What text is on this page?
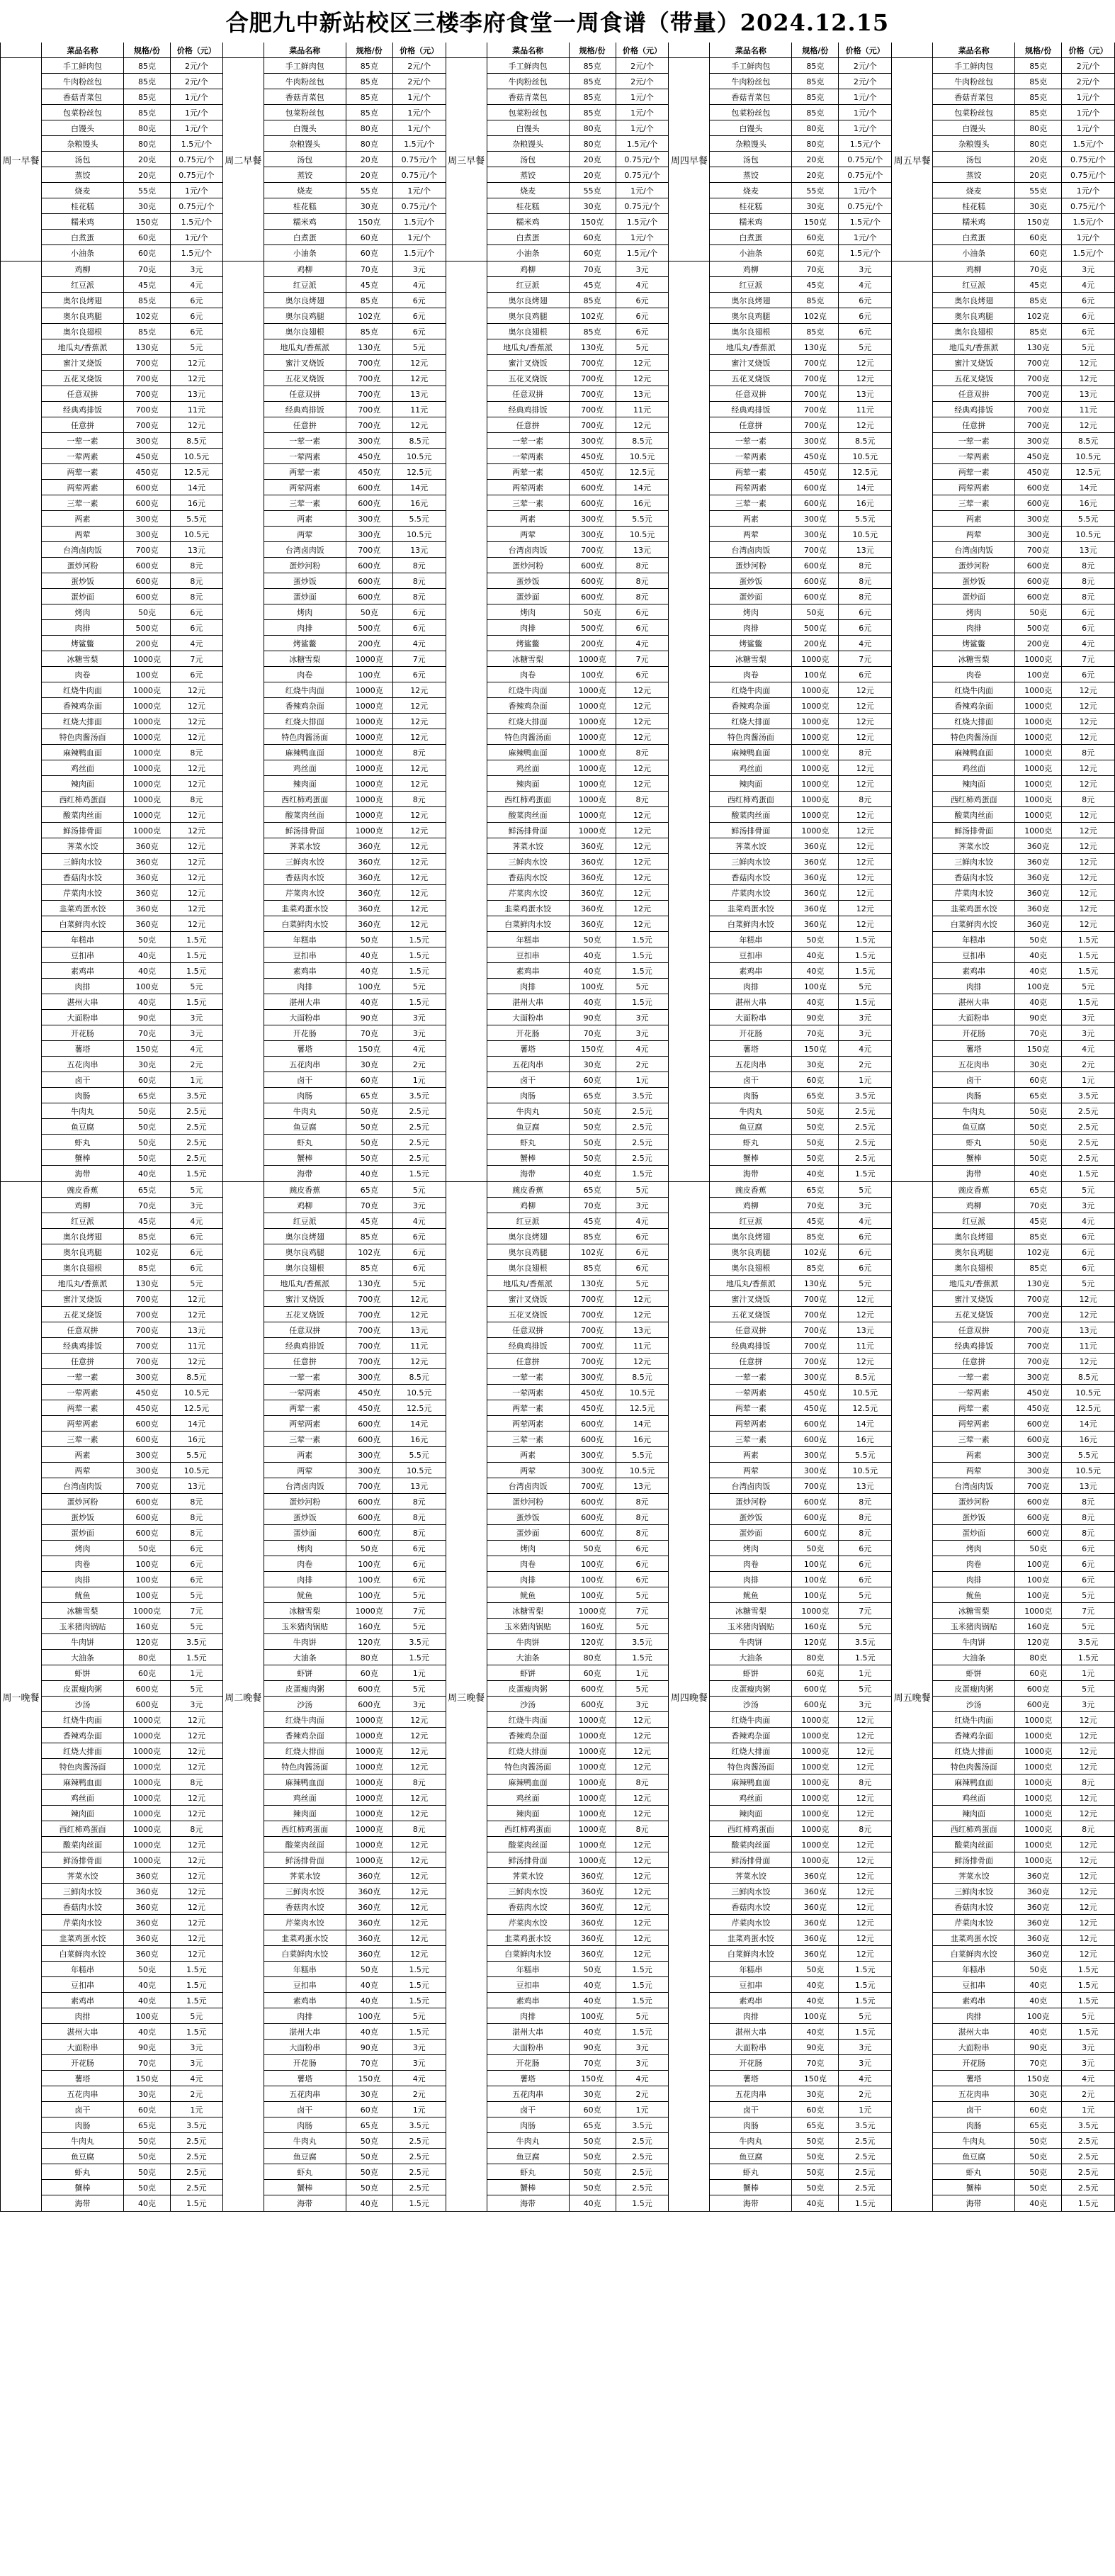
合肥九中新站校区三楼李府食堂一周食谱（带量）2024.12.15
菜品名称	规格/份	价格（元）
周一早餐
手工鲜肉包	85克	2元/个
牛肉粉丝包	85克	2元/个
香菇青菜包	85克	1元/个
包菜粉丝包	85克	1元/个
白馒头	80克	1元/个
杂粮馒头	80克	1.5元/个
汤包	20克	0.75元/个
蒸饺	20克	0.75元/个
烧麦	55克	1元/个
桂花糕	30克	0.75元/个
糯米鸡	150克	1.5元/个
白煮蛋	60克	1元/个
小油条	60克	1.5元/个
鸡柳	70克	3元
红豆派	45克	4元
奥尔良烤翅	85克	6元
奥尔良鸡腿	102克	6元
奥尔良翅根	85克	6元
地瓜丸/香蕉派	130克	5元
蜜汁叉烧饭	700克	12元
五花叉烧饭	700克	12元
任意双拼	700克	13元
经典鸡排饭	700克	11元
任意拼	700克	12元
一荤一素	300克	8.5元
一荤两素	450克	10.5元
两荤一素	450克	12.5元
两荤两素	600克	14元
三荤一素	600克	16元
两素	300克	5.5元
两荤	300克	10.5元
台湾卤肉饭	700克	13元
蛋炒河粉	600克	8元
蛋炒饭	600克	8元
蛋炒面	600克	8元
烤肉	50克	6元
肉排	500克	6元
烤鲨鳖	200克	4元
冰糖雪梨	1000克	7元
肉卷	100克	6元
红烧牛肉面	1000克	12元
香辣鸡杂面	1000克	12元
红烧大排面	1000克	12元
特色肉酱汤面	1000克	12元
麻辣鸭血面	1000克	8元
鸡丝面	1000克	12元
辣肉面	1000克	12元
西红柿鸡蛋面	1000克	8元
酸菜肉丝面	1000克	12元
鲜汤排骨面	1000克	12元
荠菜水饺	360克	12元
三鲜肉水饺	360克	12元
香菇肉水饺	360克	12元
芹菜肉水饺	360克	12元
韭菜鸡蛋水饺	360克	12元
白菜鲜肉水饺	360克	12元
年糕串	50克	1.5元
豆扣串	40克	1.5元
素鸡串	40克	1.5元
肉排	100克	5元
湛州大串	40克	1.5元
大面粉串	90克	3元
开花肠	70克	3元
薯塔	150克	4元
五花肉串	30克	2元
卤干	60克	1元
肉肠	65克	3.5元
牛肉丸	50克	2.5元
鱼豆腐	50克	2.5元
虾丸	50克	2.5元
蟹棒	50克	2.5元
海带	40克	1.5元
周一晚餐
豌皮香蕉	65克	5元
鸡柳	70克	3元
红豆派	45克	4元
奥尔良烤翅	85克	6元
奥尔良鸡腿	102克	6元
奥尔良翅根	85克	6元
地瓜丸/香蕉派	130克	5元
蜜汁叉烧饭	700克	12元
五花叉烧饭	700克	12元
任意双拼	700克	13元
经典鸡排饭	700克	11元
任意拼	700克	12元
一荤一素	300克	8.5元
一荤两素	450克	10.5元
两荤一素	450克	12.5元
两荤两素	600克	14元
三荤一素	600克	16元
两素	300克	5.5元
两荤	300克	10.5元
台湾卤肉饭	700克	13元
蛋炒河粉	600克	8元
蛋炒饭	600克	8元
蛋炒面	600克	8元
烤肉	50克	6元
肉卷	100克	6元
肉排	100克	6元
鱿鱼	100克	5元
冰糖雪梨	1000克	7元
玉米猪肉锅贴	160克	5元
牛肉饼	120克	3.5元
大油条	80克	1.5元
虾饼	60克	1元
皮蛋瘦肉粥	600克	5元
沙汤	600克	3元
红烧牛肉面	1000克	12元
香辣鸡杂面	1000克	12元
红烧大排面	1000克	12元
特色肉酱汤面	1000克	12元
麻辣鸭血面	1000克	8元
鸡丝面	1000克	12元
辣肉面	1000克	12元
西红柿鸡蛋面	1000克	8元
酸菜肉丝面	1000克	12元
鲜汤排骨面	1000克	12元
荠菜水饺	360克	12元
三鲜肉水饺	360克	12元
香菇肉水饺	360克	12元
芹菜肉水饺	360克	12元
韭菜鸡蛋水饺	360克	12元
白菜鲜肉水饺	360克	12元
年糕串	50克	1.5元
豆扣串	40克	1.5元
素鸡串	40克	1.5元
肉排	100克	5元
湛州大串	40克	1.5元
大面粉串	90克	3元
开花肠	70克	3元
薯塔	150克	4元
五花肉串	30克	2元
卤干	60克	1元
肉肠	65克	3.5元
牛肉丸	50克	2.5元
鱼豆腐	50克	2.5元
虾丸	50克	2.5元
蟹棒	50克	2.5元
海带	40克	1.5元
菜品名称	规格/份	价格（元）
周二早餐
手工鲜肉包	85克	2元/个
牛肉粉丝包	85克	2元/个
香菇青菜包	85克	1元/个
包菜粉丝包	85克	1元/个
白馒头	80克	1元/个
杂粮馒头	80克	1.5元/个
汤包	20克	0.75元/个
蒸饺	20克	0.75元/个
烧麦	55克	1元/个
桂花糕	30克	0.75元/个
糯米鸡	150克	1.5元/个
白煮蛋	60克	1元/个
小油条	60克	1.5元/个
鸡柳	70克	3元
红豆派	45克	4元
奥尔良烤翅	85克	6元
奥尔良鸡腿	102克	6元
奥尔良翅根	85克	6元
地瓜丸/香蕉派	130克	5元
蜜汁叉烧饭	700克	12元
五花叉烧饭	700克	12元
任意双拼	700克	13元
经典鸡排饭	700克	11元
任意拼	700克	12元
一荤一素	300克	8.5元
一荤两素	450克	10.5元
两荤一素	450克	12.5元
两荤两素	600克	14元
三荤一素	600克	16元
两素	300克	5.5元
两荤	300克	10.5元
台湾卤肉饭	700克	13元
蛋炒河粉	600克	8元
蛋炒饭	600克	8元
蛋炒面	600克	8元
烤肉	50克	6元
肉排	500克	6元
烤鲨鳖	200克	4元
冰糖雪梨	1000克	7元
肉卷	100克	6元
红烧牛肉面	1000克	12元
香辣鸡杂面	1000克	12元
红烧大排面	1000克	12元
特色肉酱汤面	1000克	12元
麻辣鸭血面	1000克	8元
鸡丝面	1000克	12元
辣肉面	1000克	12元
西红柿鸡蛋面	1000克	8元
酸菜肉丝面	1000克	12元
鲜汤排骨面	1000克	12元
荠菜水饺	360克	12元
三鲜肉水饺	360克	12元
香菇肉水饺	360克	12元
芹菜肉水饺	360克	12元
韭菜鸡蛋水饺	360克	12元
白菜鲜肉水饺	360克	12元
年糕串	50克	1.5元
豆扣串	40克	1.5元
素鸡串	40克	1.5元
肉排	100克	5元
湛州大串	40克	1.5元
大面粉串	90克	3元
开花肠	70克	3元
薯塔	150克	4元
五花肉串	30克	2元
卤干	60克	1元
肉肠	65克	3.5元
牛肉丸	50克	2.5元
鱼豆腐	50克	2.5元
虾丸	50克	2.5元
蟹棒	50克	2.5元
海带	40克	1.5元
周二晚餐
豌皮香蕉	65克	5元
鸡柳	70克	3元
红豆派	45克	4元
奥尔良烤翅	85克	6元
奥尔良鸡腿	102克	6元
奥尔良翅根	85克	6元
地瓜丸/香蕉派	130克	5元
蜜汁叉烧饭	700克	12元
五花叉烧饭	700克	12元
任意双拼	700克	13元
经典鸡排饭	700克	11元
任意拼	700克	12元
一荤一素	300克	8.5元
一荤两素	450克	10.5元
两荤一素	450克	12.5元
两荤两素	600克	14元
三荤一素	600克	16元
两素	300克	5.5元
两荤	300克	10.5元
台湾卤肉饭	700克	13元
蛋炒河粉	600克	8元
蛋炒饭	600克	8元
蛋炒面	600克	8元
烤肉	50克	6元
肉卷	100克	6元
肉排	100克	6元
鱿鱼	100克	5元
冰糖雪梨	1000克	7元
玉米猪肉锅贴	160克	5元
牛肉饼	120克	3.5元
大油条	80克	1.5元
虾饼	60克	1元
皮蛋瘦肉粥	600克	5元
沙汤	600克	3元
红烧牛肉面	1000克	12元
香辣鸡杂面	1000克	12元
红烧大排面	1000克	12元
特色肉酱汤面	1000克	12元
麻辣鸭血面	1000克	8元
鸡丝面	1000克	12元
辣肉面	1000克	12元
西红柿鸡蛋面	1000克	8元
酸菜肉丝面	1000克	12元
鲜汤排骨面	1000克	12元
荠菜水饺	360克	12元
三鲜肉水饺	360克	12元
香菇肉水饺	360克	12元
芹菜肉水饺	360克	12元
韭菜鸡蛋水饺	360克	12元
白菜鲜肉水饺	360克	12元
年糕串	50克	1.5元
豆扣串	40克	1.5元
素鸡串	40克	1.5元
肉排	100克	5元
湛州大串	40克	1.5元
大面粉串	90克	3元
开花肠	70克	3元
薯塔	150克	4元
五花肉串	30克	2元
卤干	60克	1元
肉肠	65克	3.5元
牛肉丸	50克	2.5元
鱼豆腐	50克	2.5元
虾丸	50克	2.5元
蟹棒	50克	2.5元
海带	40克	1.5元
菜品名称	规格/份	价格（元）
周三早餐
手工鲜肉包	85克	2元/个
牛肉粉丝包	85克	2元/个
香菇青菜包	85克	1元/个
包菜粉丝包	85克	1元/个
白馒头	80克	1元/个
杂粮馒头	80克	1.5元/个
汤包	20克	0.75元/个
蒸饺	20克	0.75元/个
烧麦	55克	1元/个
桂花糕	30克	0.75元/个
糯米鸡	150克	1.5元/个
白煮蛋	60克	1元/个
小油条	60克	1.5元/个
鸡柳	70克	3元
红豆派	45克	4元
奥尔良烤翅	85克	6元
奥尔良鸡腿	102克	6元
奥尔良翅根	85克	6元
地瓜丸/香蕉派	130克	5元
蜜汁叉烧饭	700克	12元
五花叉烧饭	700克	12元
任意双拼	700克	13元
经典鸡排饭	700克	11元
任意拼	700克	12元
一荤一素	300克	8.5元
一荤两素	450克	10.5元
两荤一素	450克	12.5元
两荤两素	600克	14元
三荤一素	600克	16元
两素	300克	5.5元
两荤	300克	10.5元
台湾卤肉饭	700克	13元
蛋炒河粉	600克	8元
蛋炒饭	600克	8元
蛋炒面	600克	8元
烤肉	50克	6元
肉排	500克	6元
烤鲨鳖	200克	4元
冰糖雪梨	1000克	7元
肉卷	100克	6元
红烧牛肉面	1000克	12元
香辣鸡杂面	1000克	12元
红烧大排面	1000克	12元
特色肉酱汤面	1000克	12元
麻辣鸭血面	1000克	8元
鸡丝面	1000克	12元
辣肉面	1000克	12元
西红柿鸡蛋面	1000克	8元
酸菜肉丝面	1000克	12元
鲜汤排骨面	1000克	12元
荠菜水饺	360克	12元
三鲜肉水饺	360克	12元
香菇肉水饺	360克	12元
芹菜肉水饺	360克	12元
韭菜鸡蛋水饺	360克	12元
白菜鲜肉水饺	360克	12元
年糕串	50克	1.5元
豆扣串	40克	1.5元
素鸡串	40克	1.5元
肉排	100克	5元
湛州大串	40克	1.5元
大面粉串	90克	3元
开花肠	70克	3元
薯塔	150克	4元
五花肉串	30克	2元
卤干	60克	1元
肉肠	65克	3.5元
牛肉丸	50克	2.5元
鱼豆腐	50克	2.5元
虾丸	50克	2.5元
蟹棒	50克	2.5元
海带	40克	1.5元
周三晚餐
豌皮香蕉	65克	5元
鸡柳	70克	3元
红豆派	45克	4元
奥尔良烤翅	85克	6元
奥尔良鸡腿	102克	6元
奥尔良翅根	85克	6元
地瓜丸/香蕉派	130克	5元
蜜汁叉烧饭	700克	12元
五花叉烧饭	700克	12元
任意双拼	700克	13元
经典鸡排饭	700克	11元
任意拼	700克	12元
一荤一素	300克	8.5元
一荤两素	450克	10.5元
两荤一素	450克	12.5元
两荤两素	600克	14元
三荤一素	600克	16元
两素	300克	5.5元
两荤	300克	10.5元
台湾卤肉饭	700克	13元
蛋炒河粉	600克	8元
蛋炒饭	600克	8元
蛋炒面	600克	8元
烤肉	50克	6元
肉卷	100克	6元
肉排	100克	6元
鱿鱼	100克	5元
冰糖雪梨	1000克	7元
玉米猪肉锅贴	160克	5元
牛肉饼	120克	3.5元
大油条	80克	1.5元
虾饼	60克	1元
皮蛋瘦肉粥	600克	5元
沙汤	600克	3元
红烧牛肉面	1000克	12元
香辣鸡杂面	1000克	12元
红烧大排面	1000克	12元
特色肉酱汤面	1000克	12元
麻辣鸭血面	1000克	8元
鸡丝面	1000克	12元
辣肉面	1000克	12元
西红柿鸡蛋面	1000克	8元
酸菜肉丝面	1000克	12元
鲜汤排骨面	1000克	12元
荠菜水饺	360克	12元
三鲜肉水饺	360克	12元
香菇肉水饺	360克	12元
芹菜肉水饺	360克	12元
韭菜鸡蛋水饺	360克	12元
白菜鲜肉水饺	360克	12元
年糕串	50克	1.5元
豆扣串	40克	1.5元
素鸡串	40克	1.5元
肉排	100克	5元
湛州大串	40克	1.5元
大面粉串	90克	3元
开花肠	70克	3元
薯塔	150克	4元
五花肉串	30克	2元
卤干	60克	1元
肉肠	65克	3.5元
牛肉丸	50克	2.5元
鱼豆腐	50克	2.5元
虾丸	50克	2.5元
蟹棒	50克	2.5元
海带	40克	1.5元
菜品名称	规格/份	价格（元）
周四早餐
手工鲜肉包	85克	2元/个
牛肉粉丝包	85克	2元/个
香菇青菜包	85克	1元/个
包菜粉丝包	85克	1元/个
白馒头	80克	1元/个
杂粮馒头	80克	1.5元/个
汤包	20克	0.75元/个
蒸饺	20克	0.75元/个
烧麦	55克	1元/个
桂花糕	30克	0.75元/个
糯米鸡	150克	1.5元/个
白煮蛋	60克	1元/个
小油条	60克	1.5元/个
鸡柳	70克	3元
红豆派	45克	4元
奥尔良烤翅	85克	6元
奥尔良鸡腿	102克	6元
奥尔良翅根	85克	6元
地瓜丸/香蕉派	130克	5元
蜜汁叉烧饭	700克	12元
五花叉烧饭	700克	12元
任意双拼	700克	13元
经典鸡排饭	700克	11元
任意拼	700克	12元
一荤一素	300克	8.5元
一荤两素	450克	10.5元
两荤一素	450克	12.5元
两荤两素	600克	14元
三荤一素	600克	16元
两素	300克	5.5元
两荤	300克	10.5元
台湾卤肉饭	700克	13元
蛋炒河粉	600克	8元
蛋炒饭	600克	8元
蛋炒面	600克	8元
烤肉	50克	6元
肉排	500克	6元
烤鲨鳖	200克	4元
冰糖雪梨	1000克	7元
肉卷	100克	6元
红烧牛肉面	1000克	12元
香辣鸡杂面	1000克	12元
红烧大排面	1000克	12元
特色肉酱汤面	1000克	12元
麻辣鸭血面	1000克	8元
鸡丝面	1000克	12元
辣肉面	1000克	12元
西红柿鸡蛋面	1000克	8元
酸菜肉丝面	1000克	12元
鲜汤排骨面	1000克	12元
荠菜水饺	360克	12元
三鲜肉水饺	360克	12元
香菇肉水饺	360克	12元
芹菜肉水饺	360克	12元
韭菜鸡蛋水饺	360克	12元
白菜鲜肉水饺	360克	12元
年糕串	50克	1.5元
豆扣串	40克	1.5元
素鸡串	40克	1.5元
肉排	100克	5元
湛州大串	40克	1.5元
大面粉串	90克	3元
开花肠	70克	3元
薯塔	150克	4元
五花肉串	30克	2元
卤干	60克	1元
肉肠	65克	3.5元
牛肉丸	50克	2.5元
鱼豆腐	50克	2.5元
虾丸	50克	2.5元
蟹棒	50克	2.5元
海带	40克	1.5元
周四晚餐
豌皮香蕉	65克	5元
鸡柳	70克	3元
红豆派	45克	4元
奥尔良烤翅	85克	6元
奥尔良鸡腿	102克	6元
奥尔良翅根	85克	6元
地瓜丸/香蕉派	130克	5元
蜜汁叉烧饭	700克	12元
五花叉烧饭	700克	12元
任意双拼	700克	13元
经典鸡排饭	700克	11元
任意拼	700克	12元
一荤一素	300克	8.5元
一荤两素	450克	10.5元
两荤一素	450克	12.5元
两荤两素	600克	14元
三荤一素	600克	16元
两素	300克	5.5元
两荤	300克	10.5元
台湾卤肉饭	700克	13元
蛋炒河粉	600克	8元
蛋炒饭	600克	8元
蛋炒面	600克	8元
烤肉	50克	6元
肉卷	100克	6元
肉排	100克	6元
鱿鱼	100克	5元
冰糖雪梨	1000克	7元
玉米猪肉锅贴	160克	5元
牛肉饼	120克	3.5元
大油条	80克	1.5元
虾饼	60克	1元
皮蛋瘦肉粥	600克	5元
沙汤	600克	3元
红烧牛肉面	1000克	12元
香辣鸡杂面	1000克	12元
红烧大排面	1000克	12元
特色肉酱汤面	1000克	12元
麻辣鸭血面	1000克	8元
鸡丝面	1000克	12元
辣肉面	1000克	12元
西红柿鸡蛋面	1000克	8元
酸菜肉丝面	1000克	12元
鲜汤排骨面	1000克	12元
荠菜水饺	360克	12元
三鲜肉水饺	360克	12元
香菇肉水饺	360克	12元
芹菜肉水饺	360克	12元
韭菜鸡蛋水饺	360克	12元
白菜鲜肉水饺	360克	12元
年糕串	50克	1.5元
豆扣串	40克	1.5元
素鸡串	40克	1.5元
肉排	100克	5元
湛州大串	40克	1.5元
大面粉串	90克	3元
开花肠	70克	3元
薯塔	150克	4元
五花肉串	30克	2元
卤干	60克	1元
肉肠	65克	3.5元
牛肉丸	50克	2.5元
鱼豆腐	50克	2.5元
虾丸	50克	2.5元
蟹棒	50克	2.5元
海带	40克	1.5元
菜品名称	规格/份	价格（元）
周五早餐
手工鲜肉包	85克	2元/个
牛肉粉丝包	85克	2元/个
香菇青菜包	85克	1元/个
包菜粉丝包	85克	1元/个
白馒头	80克	1元/个
杂粮馒头	80克	1.5元/个
汤包	20克	0.75元/个
蒸饺	20克	0.75元/个
烧麦	55克	1元/个
桂花糕	30克	0.75元/个
糯米鸡	150克	1.5元/个
白煮蛋	60克	1元/个
小油条	60克	1.5元/个
鸡柳	70克	3元
红豆派	45克	4元
奥尔良烤翅	85克	6元
奥尔良鸡腿	102克	6元
奥尔良翅根	85克	6元
地瓜丸/香蕉派	130克	5元
蜜汁叉烧饭	700克	12元
五花叉烧饭	700克	12元
任意双拼	700克	13元
经典鸡排饭	700克	11元
任意拼	700克	12元
一荤一素	300克	8.5元
一荤两素	450克	10.5元
两荤一素	450克	12.5元
两荤两素	600克	14元
三荤一素	600克	16元
两素	300克	5.5元
两荤	300克	10.5元
台湾卤肉饭	700克	13元
蛋炒河粉	600克	8元
蛋炒饭	600克	8元
蛋炒面	600克	8元
烤肉	50克	6元
肉排	500克	6元
烤鲨鳖	200克	4元
冰糖雪梨	1000克	7元
肉卷	100克	6元
红烧牛肉面	1000克	12元
香辣鸡杂面	1000克	12元
红烧大排面	1000克	12元
特色肉酱汤面	1000克	12元
麻辣鸭血面	1000克	8元
鸡丝面	1000克	12元
辣肉面	1000克	12元
西红柿鸡蛋面	1000克	8元
酸菜肉丝面	1000克	12元
鲜汤排骨面	1000克	12元
荠菜水饺	360克	12元
三鲜肉水饺	360克	12元
香菇肉水饺	360克	12元
芹菜肉水饺	360克	12元
韭菜鸡蛋水饺	360克	12元
白菜鲜肉水饺	360克	12元
年糕串	50克	1.5元
豆扣串	40克	1.5元
素鸡串	40克	1.5元
肉排	100克	5元
湛州大串	40克	1.5元
大面粉串	90克	3元
开花肠	70克	3元
薯塔	150克	4元
五花肉串	30克	2元
卤干	60克	1元
肉肠	65克	3.5元
牛肉丸	50克	2.5元
鱼豆腐	50克	2.5元
虾丸	50克	2.5元
蟹棒	50克	2.5元
海带	40克	1.5元
周五晚餐
豌皮香蕉	65克	5元
鸡柳	70克	3元
红豆派	45克	4元
奥尔良烤翅	85克	6元
奥尔良鸡腿	102克	6元
奥尔良翅根	85克	6元
地瓜丸/香蕉派	130克	5元
蜜汁叉烧饭	700克	12元
五花叉烧饭	700克	12元
任意双拼	700克	13元
经典鸡排饭	700克	11元
任意拼	700克	12元
一荤一素	300克	8.5元
一荤两素	450克	10.5元
两荤一素	450克	12.5元
两荤两素	600克	14元
三荤一素	600克	16元
两素	300克	5.5元
两荤	300克	10.5元
台湾卤肉饭	700克	13元
蛋炒河粉	600克	8元
蛋炒饭	600克	8元
蛋炒面	600克	8元
烤肉	50克	6元
肉卷	100克	6元
肉排	100克	6元
鱿鱼	100克	5元
冰糖雪梨	1000克	7元
玉米猪肉锅贴	160克	5元
牛肉饼	120克	3.5元
大油条	80克	1.5元
虾饼	60克	1元
皮蛋瘦肉粥	600克	5元
沙汤	600克	3元
红烧牛肉面	1000克	12元
香辣鸡杂面	1000克	12元
红烧大排面	1000克	12元
特色肉酱汤面	1000克	12元
麻辣鸭血面	1000克	8元
鸡丝面	1000克	12元
辣肉面	1000克	12元
西红柿鸡蛋面	1000克	8元
酸菜肉丝面	1000克	12元
鲜汤排骨面	1000克	12元
荠菜水饺	360克	12元
三鲜肉水饺	360克	12元
香菇肉水饺	360克	12元
芹菜肉水饺	360克	12元
韭菜鸡蛋水饺	360克	12元
白菜鲜肉水饺	360克	12元
年糕串	50克	1.5元
豆扣串	40克	1.5元
素鸡串	40克	1.5元
肉排	100克	5元
湛州大串	40克	1.5元
大面粉串	90克	3元
开花肠	70克	3元
薯塔	150克	4元
五花肉串	30克	2元
卤干	60克	1元
肉肠	65克	3.5元
牛肉丸	50克	2.5元
鱼豆腐	50克	2.5元
虾丸	50克	2.5元
蟹棒	50克	2.5元
海带	40克	1.5元
